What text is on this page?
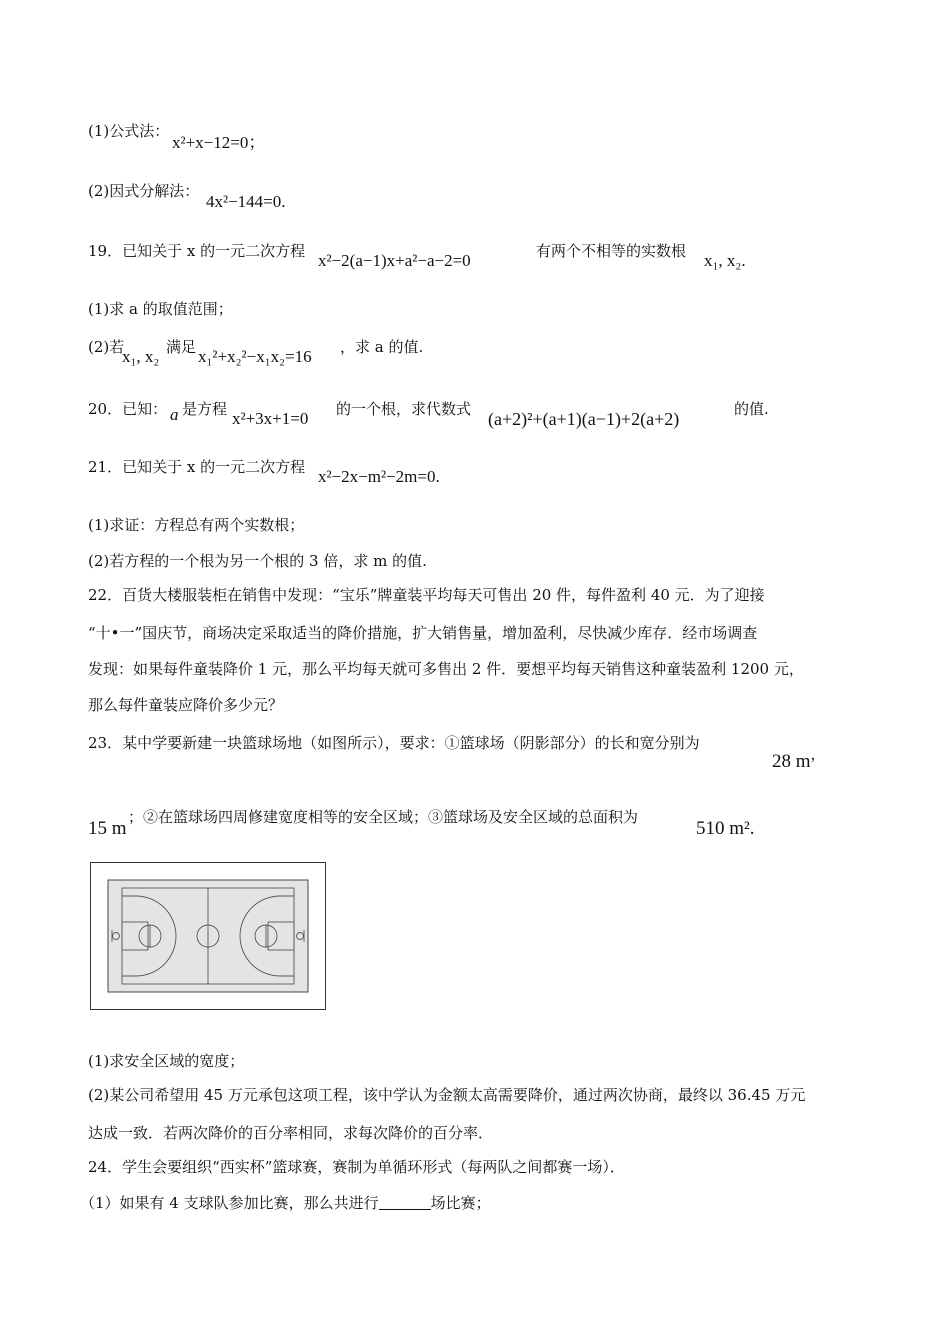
(1)公式法：
x²+x−12=0；
(2)因式分解法：
4x²−144=0.
19．已知关于 x 的一元二次方程 x²−2(a−1)x+a²−a−2=0	有两个不相等的实数根 x₁, x₂.
(1)求 a 的取值范围；
(2)若
x₁, x₂ 满足 x₁²+x₂²−x₁x₂=16 ，求 a 的值.
20．已知： a 是方程 x²+3x+1=0 的一个根，求代数式 (a+2)²+(a+1)(a−1)+2(a+2)	的值.
21．已知关于 x 的一元二次方程 x²−2x−m²−2m=0.
(1)求证：方程总有两个实数根；
(2)若方程的一个根为另一个根的 3 倍，求 m 的值.
22．百货大楼服装柜在销售中发现：“宝乐”牌童装平均每天可售出 20 件，每件盈利 40 元．为了迎接
“十•一”国庆节，商场决定采取适当的降价措施，扩大销售量，增加盈利，尽快减少库存．经市场调查
发现：如果每件童装降价 1 元，那么平均每天就可多售出 2 件．要想平均每天销售这种童装盈利 1200 元，
那么每件童装应降价多少元？
23．某中学要新建一块篮球场地（如图所示），要求：①篮球场（阴影部分）的长和宽分别为
28 m，
15 m
；②在篮球场四周修建宽度相等的安全区域；③篮球场及安全区域的总面积为
510 m².
(1)求安全区域的宽度；
(2)某公司希望用 45 万元承包这项工程，该中学认为金额太高需要降价，通过两次协商，最终以 36.45 万元
达成一致．若两次降价的百分率相同，求每次降价的百分率．
24．学生会要组织“西实杯”篮球赛，赛制为单循环形式（每两队之间都赛一场）．
（1）如果有 4 支球队参加比赛，那么共进行	场比赛；
